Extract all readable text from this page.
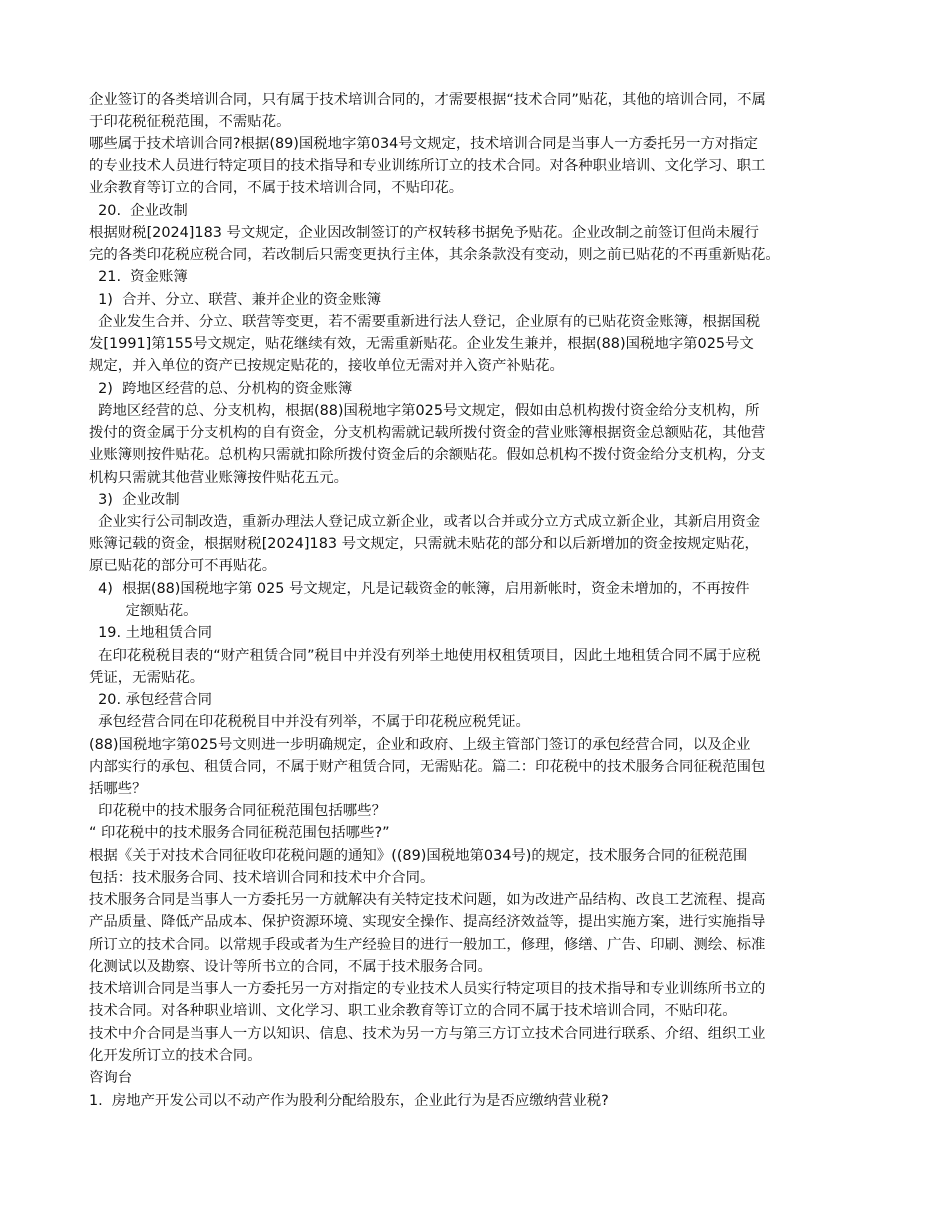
企业签订的各类培训合同，只有属于技术培训合同的，才需要根据“技术合同”贴花，其他的培训合同，不属
于印花税征税范围，不需贴花。
哪些属于技术培训合同?根据(89)国税地字第034号文规定，技术培训合同是当事人一方委托另一方对指定
的专业技术人员进行特定项目的技术指导和专业训练所订立的技术合同。对各种职业培训、文化学习、职工
业余教育等订立的合同，不属于技术培训合同，不贴印花。
20.  企业改制
根据财税[2024]183 号文规定，企业因改制签订的产权转移书据免予贴花。企业改制之前签订但尚未履行
完的各类印花税应税合同，若改制后只需变更执行主体，其余条款没有变动，则之前已贴花的不再重新贴花。
21.  资金账簿
1)  合并、分立、联营、兼并企业的资金账簿
企业发生合并、分立、联营等变更，若不需要重新进行法人登记，企业原有的已贴花资金账簿，根据国税
发[1991]第155号文规定，贴花继续有效，无需重新贴花。企业发生兼并，根据(88)国税地字第025号文
规定，并入单位的资产已按规定贴花的，接收单位无需对并入资产补贴花。
2)  跨地区经营的总、分机构的资金账簿
跨地区经营的总、分支机构，根据(88)国税地字第025号文规定，假如由总机构拨付资金给分支机构，所
拨付的资金属于分支机构的自有资金，分支机构需就记载所拨付资金的营业账簿根据资金总额贴花，其他营
业账簿则按件贴花。总机构只需就扣除所拨付资金后的余额贴花。假如总机构不拨付资金给分支机构，分支
机构只需就其他营业账簿按件贴花五元。
3)  企业改制
企业实行公司制改造，重新办理法人登记成立新企业，或者以合并或分立方式成立新企业，其新启用资金
账簿记载的资金，根据财税[2024]183 号文规定，只需就未贴花的部分和以后新增加的资金按规定贴花，
原已贴花的部分可不再贴花。
4)  根据(88)国税地字第 025 号文规定，凡是记载资金的帐簿，启用新帐时，资金未增加的，不再按件
定额贴花。
19. 土地租赁合同
在印花税税目表的“财产租赁合同”税目中并没有列举土地使用权租赁项目，因此土地租赁合同不属于应税
凭证，无需贴花。
20. 承包经营合同
承包经营合同在印花税税目中并没有列举，不属于印花税应税凭证。
(88)国税地字第025号文则进一步明确规定，企业和政府、上级主管部门签订的承包经营合同，以及企业
内部实行的承包、租赁合同，不属于财产租赁合同，无需贴花。篇二：印花税中的技术服务合同征税范围包
括哪些？
印花税中的技术服务合同征税范围包括哪些？
“ 印花税中的技术服务合同征税范围包括哪些?”
根据《关于对技术合同征收印花税问题的通知》((89)国税地第034号)的规定，技术服务合同的征税范围
包括：技术服务合同、技术培训合同和技术中介合同。
技术服务合同是当事人一方委托另一方就解决有关特定技术问题，如为改进产品结构、改良工艺流程、提高
产品质量、降低产品成本、保护资源环境、实现安全操作、提高经济效益等，提出实施方案，进行实施指导
所订立的技术合同。以常规手段或者为生产经验目的进行一般加工，修理，修缮、广告、印刷、测绘、标准
化测试以及勘察、设计等所书立的合同，不属于技术服务合同。
技术培训合同是当事人一方委托另一方对指定的专业技术人员实行特定项目的技术指导和专业训练所书立的
技术合同。对各种职业培训、文化学习、职工业余教育等订立的合同不属于技术培训合同，不贴印花。
技术中介合同是当事人一方以知识、信息、技术为另一方与第三方订立技术合同进行联系、介绍、组织工业
化开发所订立的技术合同。
咨询台
1.  房地产开发公司以不动产作为股利分配给股东，企业此行为是否应缴纳营业税?
